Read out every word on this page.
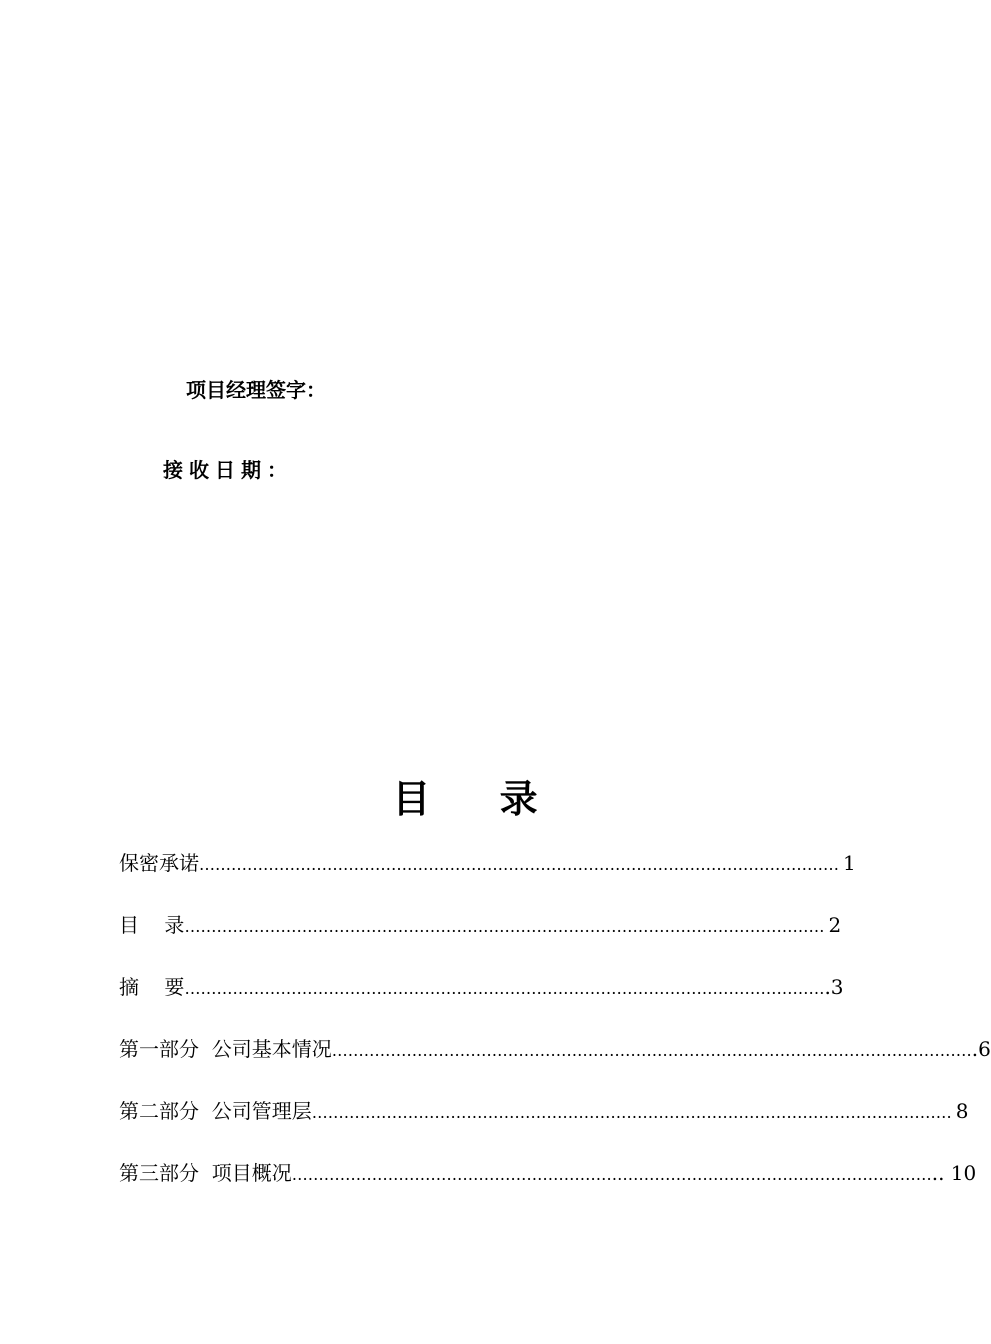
项目经理签字：
接收日期：
目 录
保密承诺 ………………………………………………………………………………………………………… 1
目    录 ………………………………………………………………………………………………………… 2
摘    要 ………………………………………………………………………………………………………… .3
第一部分  公司基本情况 ………………………………………………………………………………………………………… .6
第二部分  公司管理层 ………………………………………………………………………………………………………… 8
第三部分  项目概况 ………………………………………………………………………………………………………… .. 10
